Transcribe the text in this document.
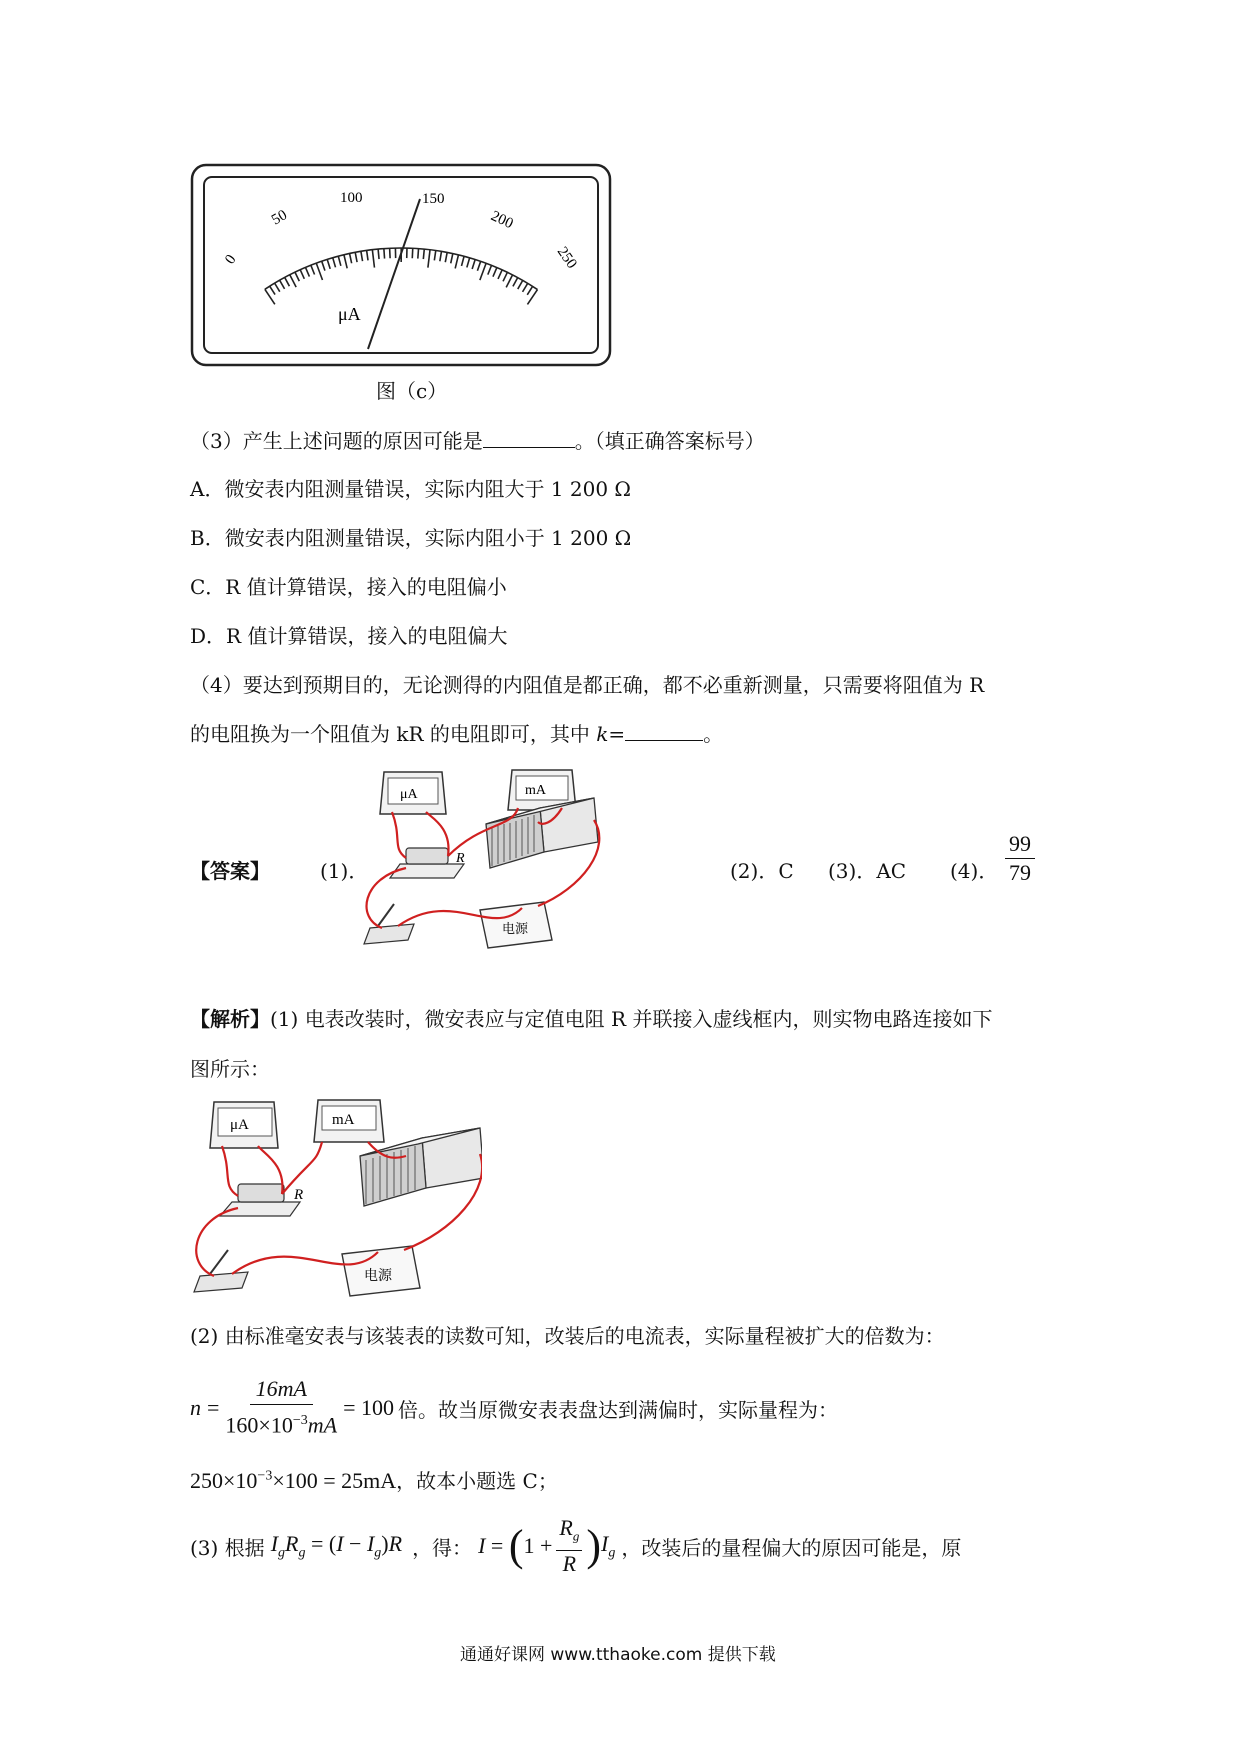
0
50
100	150
200
250
μA
图（c）
（3）产生上述问题的原因可能是	。（填正确答案标号）
A．微安表内阻测量错误，实际内阻大于 1 200 Ω
B．微安表内阻测量错误，实际内阻小于 1 200 Ω
C．R 值计算错误，接入的电阻偏小
D．R 值计算错误，接入的电阻偏大
（4）要达到预期目的，无论测得的内阻值是都正确，都不必重新测量，只需要将阻值为 R
的电阻换为一个阻值为 kR 的电阻即可，其中 k=	。
【答案】	(1)．
μA	mA
R
电源
(2)．C (3)．AC (4)． $\frac{99}{79}$
【解析】(1) 电表改装时，微安表应与定值电阻 R 并联接入虚线框内，则实物电路连接如下
图所示：
μA	mA
R
电源
(2) 由标准毫安表与该装表的读数可知，改装后的电流表，实际量程被扩大的倍数为：
$n = \frac{16mA}{160\times 10^{-3}mA} = 100$ 倍。故当原微安表表盘达到满偏时，实际量程为：
$250\times 10^{-3}\times 100 = 25mA$，故本小题选 C；
(3) 根据 $I_gR_g = (I - I_g)R$ ，得： I = ( 1 +
$R_g$
R ) $I_g$ ，改装后的量程偏大的原因可能是，原
通通好课网 www.tthaoke.com 提供下载
